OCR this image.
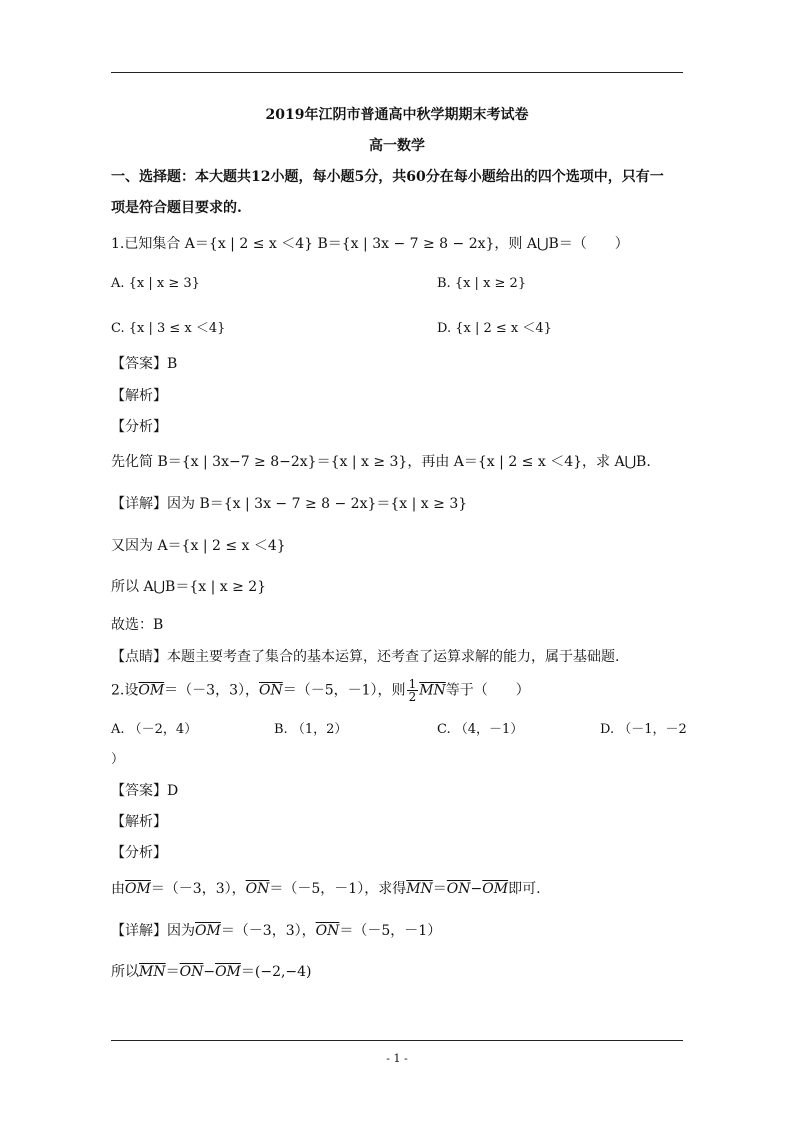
2019年江阴市普通高中秋学期期末考试卷
高一数学
一、选择题：本大题共12小题，每小题5分，共60分在每小题给出的四个选项中，只有一
项是符合题目要求的.
1.已知集合 A＝{x | 2 ≤ x ＜4} B＝{x | 3x − 7 ≥ 8 − 2x}，则 A⋃B＝（　　）
A. {x | x ≥ 3}	B. {x | x ≥ 2}
C. {x | 3 ≤ x ＜4}	D. {x | 2 ≤ x ＜4}
【答案】B
【解析】
【分析】
先化简 B＝{x | 3x−7 ≥ 8−2x}＝{x | x ≥ 3}，再由 A＝{x | 2 ≤ x ＜4}，求 A⋃B.
【详解】因为 B＝{x | 3x − 7 ≥ 8 − 2x}＝{x | x ≥ 3}
又因为 A＝{x | 2 ≤ x ＜4}
所以 A⋃B＝{x | x ≥ 2}
故选：B
【点睛】本题主要考查了集合的基本运算，还考查了运算求解的能力，属于基础题.
2.设$\overline{OM}=(-3$，3），$\overline{ON}=(-5$，－1），则 $\frac{1}{2} \overline{MN}$等于（　　）
A. （－2，4）	B. （1，2）	C. （4，－1）	D. （－1，－2
）
【答案】D
【解析】
【分析】
由$\overline{OM}=(-3$，3），$\overline{ON}=(-5$，－1），求得$\overline{MN}=\overline{ON}-\overline{OM}$即可.
【详解】因为$\overline{OM}=(-3$，3），$\overline{ON}=(-5$，－1）
所以$\overline{MN}=\overline{ON}-\overline{OM}=(-2,-4)$
- 1 -
